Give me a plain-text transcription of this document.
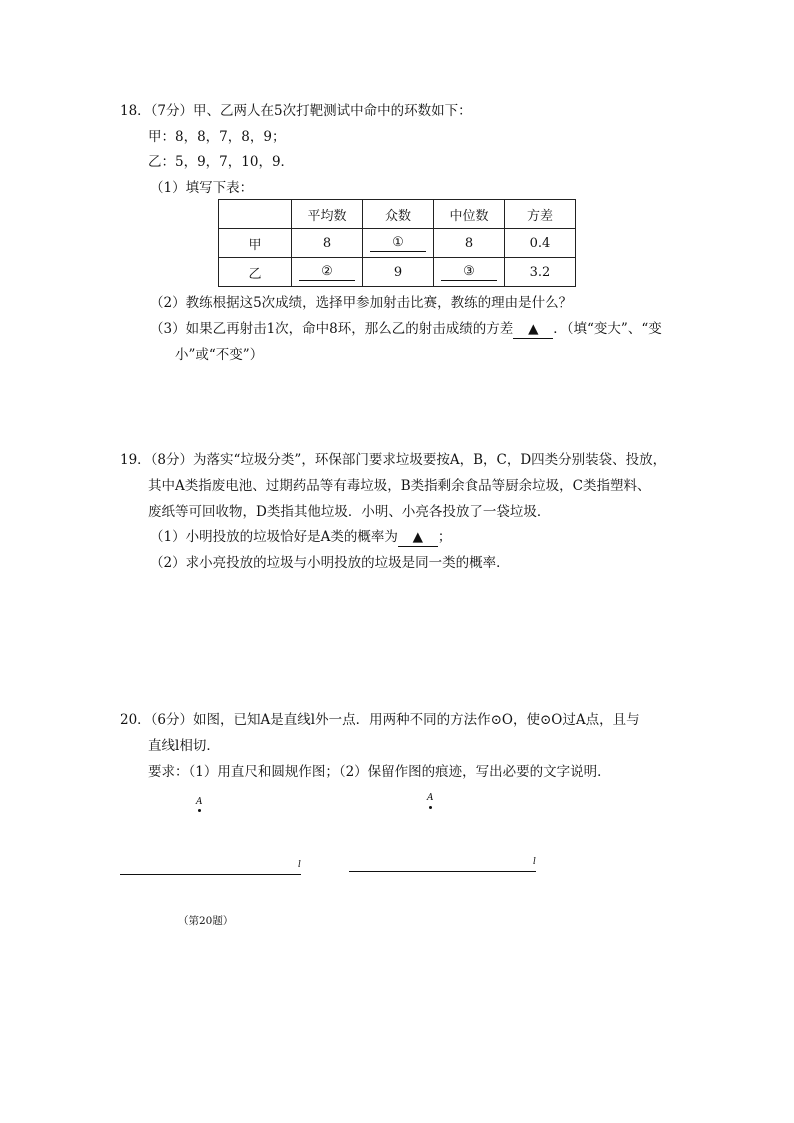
18．（7分）甲、乙两人在5次打靶测试中命中的环数如下：
甲：8，8，7，8，9；
乙：5，9，7，10，9．
（1）填写下表：
	平均数	众数	中位数	方差
甲	8	①	8	0.4
乙	②	9	③	3.2
（2）教练根据这5次成绩，选择甲参加射击比赛，教练的理由是什么？
（3）如果乙再射击1次，命中8环，那么乙的射击成绩的方差 ▲ ．（填“变大”、“变
小”或“不变”）
19．（8分）为落实“垃圾分类”，环保部门要求垃圾要按A，B，C，D四类分别装袋、投放，
其中A类指废电池、过期药品等有毒垃圾，B类指剩余食品等厨余垃圾，C类指塑料、
废纸等可回收物，D类指其他垃圾．小明、小亮各投放了一袋垃圾．
（1）小明投放的垃圾恰好是A类的概率为 ▲ ；
（2）求小亮投放的垃圾与小明投放的垃圾是同一类的概率．
20．（6分）如图，已知A是直线l外一点．用两种不同的方法作⊙O，使⊙O过A点，且与
直线l相切．
要求：（1）用直尺和圆规作图；（2）保留作图的痕迹，写出必要的文字说明．
A
l
A
l
（第20题）
